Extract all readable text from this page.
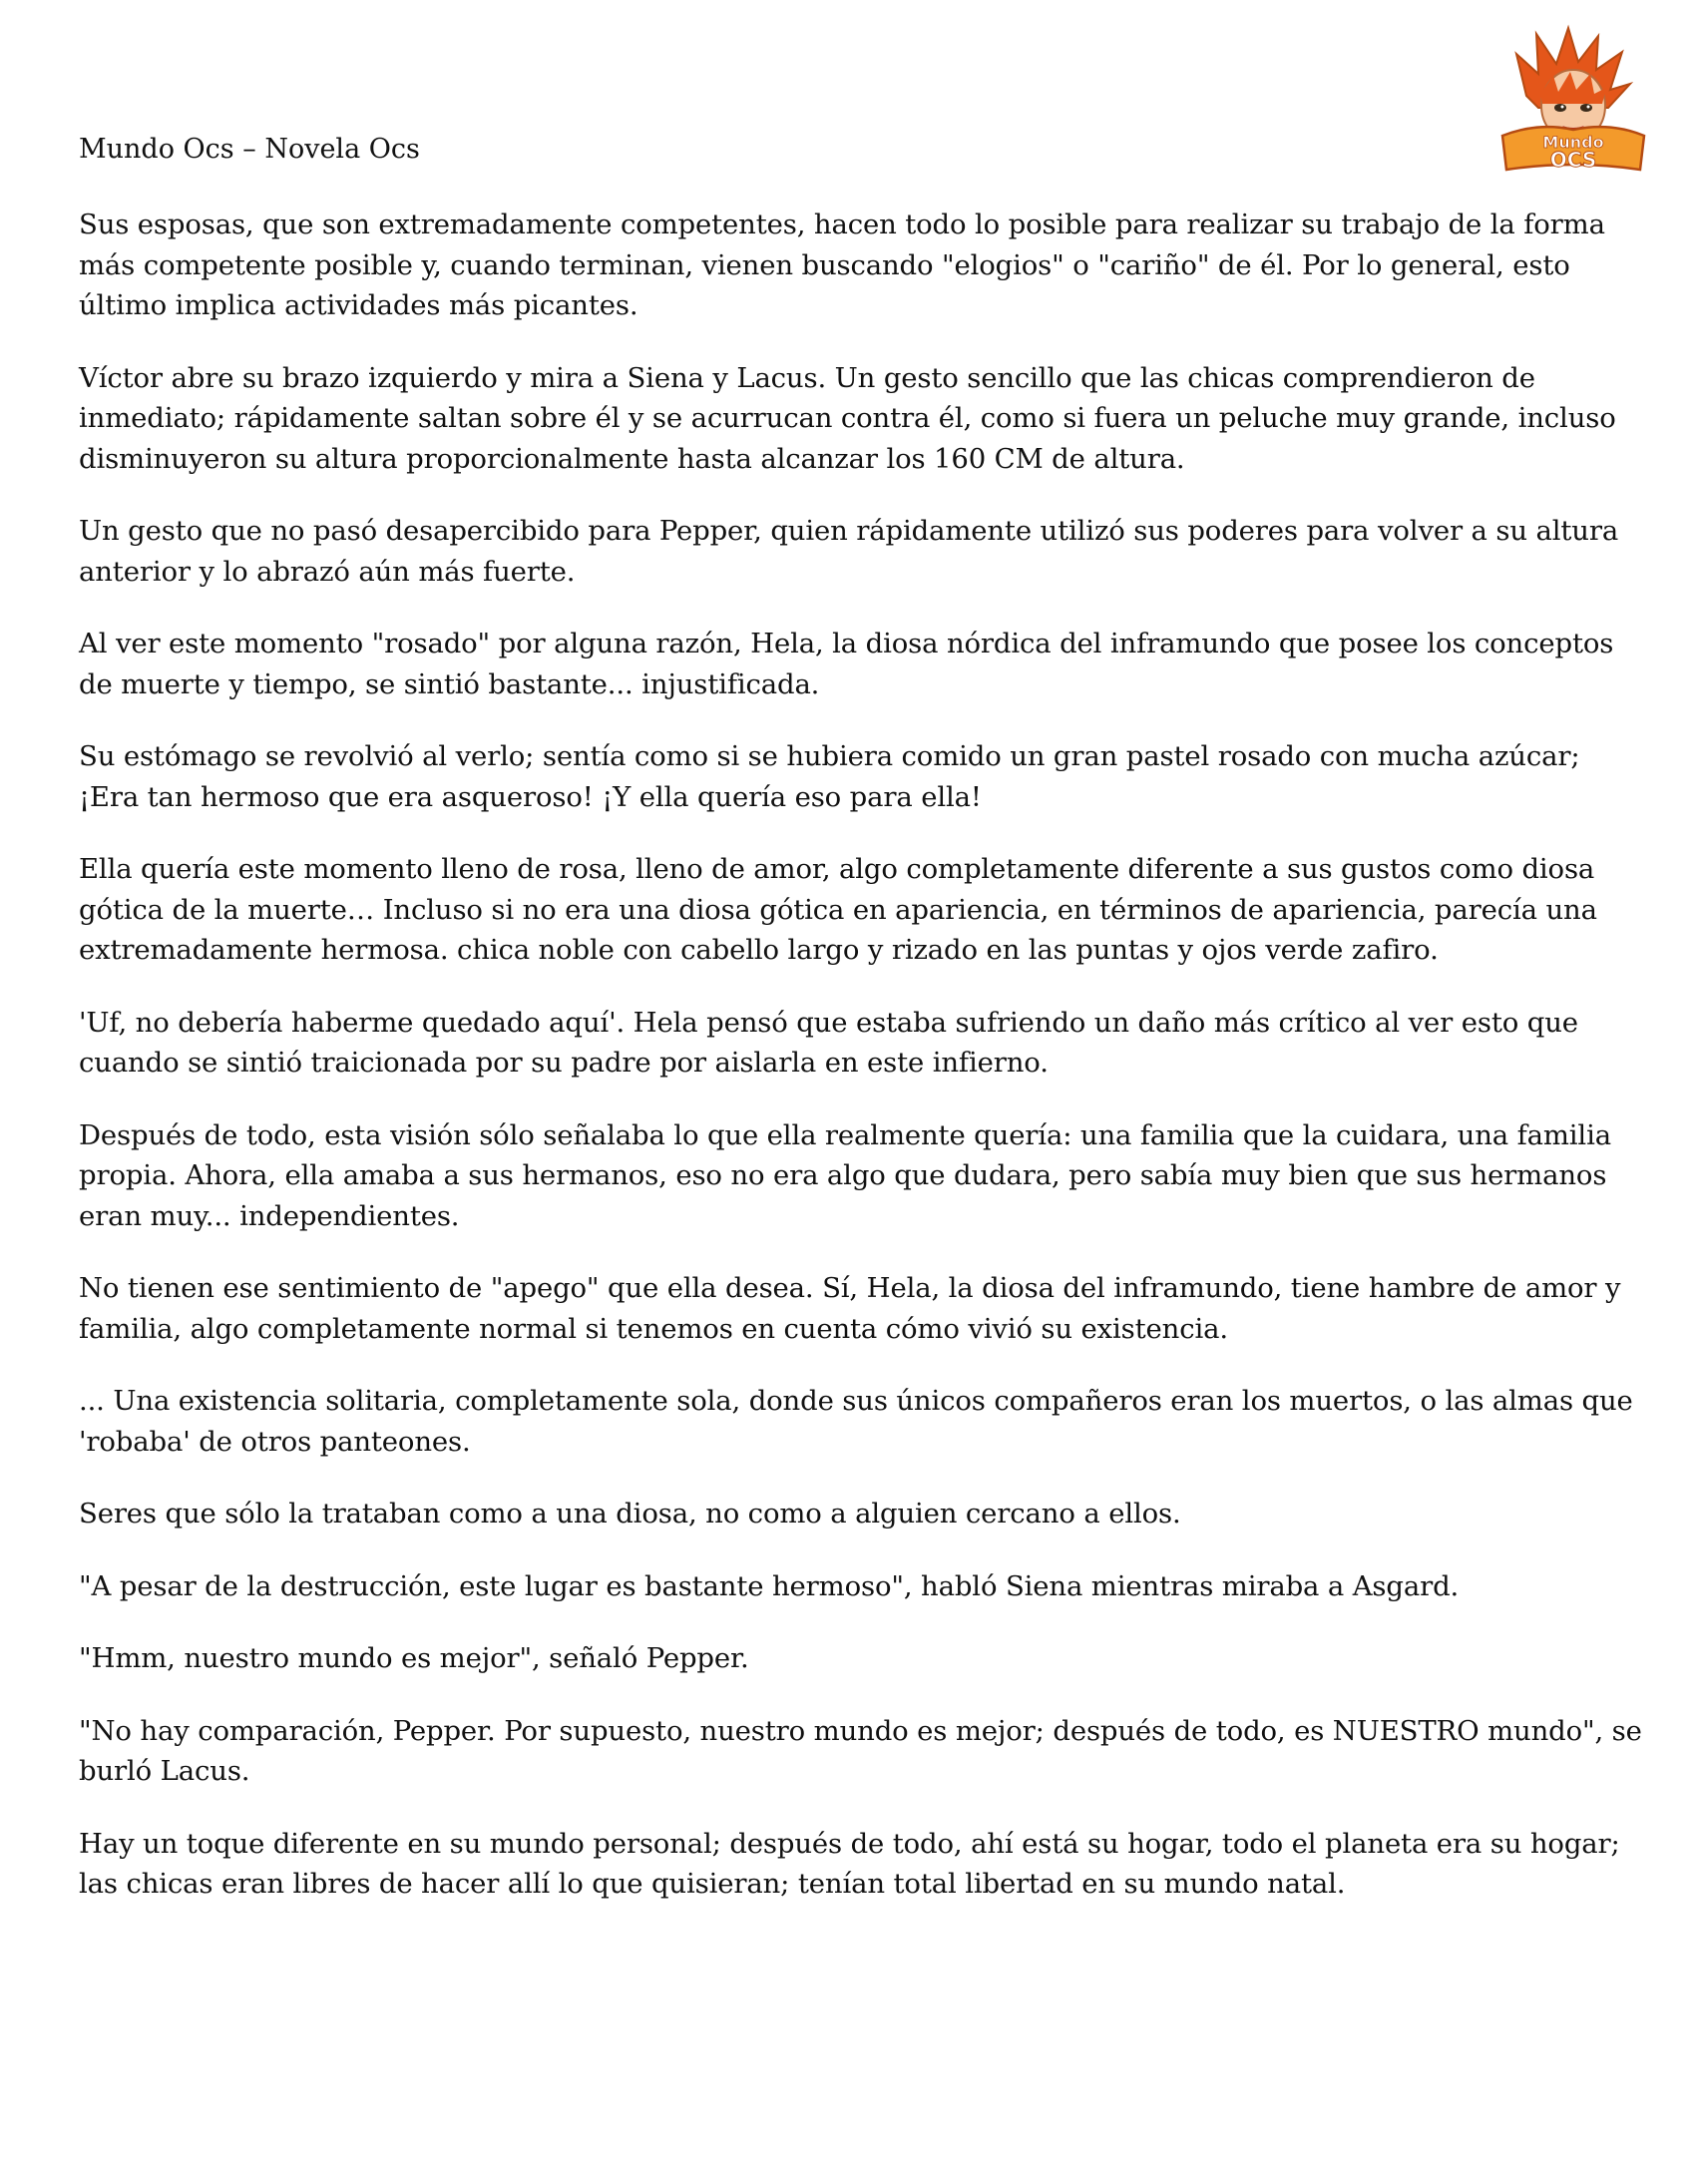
Mundo Ocs – Novela Ocs	Mundo
OCS

Sus esposas, que son extremadamente competentes, hacen todo lo posible para realizar su trabajo de la forma más competente posible y, cuando terminan, vienen buscando "elogios" o "cariño" de él. Por lo general, esto último implica actividades más picantes.

Víctor abre su brazo izquierdo y mira a Siena y Lacus. Un gesto sencillo que las chicas comprendieron de inmediato; rápidamente saltan sobre él y se acurrucan contra él, como si fuera un peluche muy grande, incluso disminuyeron su altura proporcionalmente hasta alcanzar los 160 CM de altura.

Un gesto que no pasó desapercibido para Pepper, quien rápidamente utilizó sus poderes para volver a su altura anterior y lo abrazó aún más fuerte.

Al ver este momento "rosado" por alguna razón, Hela, la diosa nórdica del inframundo que posee los conceptos de muerte y tiempo, se sintió bastante... injustificada.

Su estómago se revolvió al verlo; sentía como si se hubiera comido un gran pastel rosado con mucha azúcar; ¡Era tan hermoso que era asqueroso! ¡Y ella quería eso para ella!

Ella quería este momento lleno de rosa, lleno de amor, algo completamente diferente a sus gustos como diosa gótica de la muerte… Incluso si no era una diosa gótica en apariencia, en términos de apariencia, parecía una extremadamente hermosa. chica noble con cabello largo y rizado en las puntas y ojos verde zafiro.

'Uf, no debería haberme quedado aquí'. Hela pensó que estaba sufriendo un daño más crítico al ver esto que cuando se sintió traicionada por su padre por aislarla en este infierno.

Después de todo, esta visión sólo señalaba lo que ella realmente quería: una familia que la cuidara, una familia propia. Ahora, ella amaba a sus hermanos, eso no era algo que dudara, pero sabía muy bien que sus hermanos eran muy... independientes.

No tienen ese sentimiento de "apego" que ella desea. Sí, Hela, la diosa del inframundo, tiene hambre de amor y familia, algo completamente normal si tenemos en cuenta cómo vivió su existencia.

... Una existencia solitaria, completamente sola, donde sus únicos compañeros eran los muertos, o las almas que 'robaba' de otros panteones.

Seres que sólo la trataban como a una diosa, no como a alguien cercano a ellos.

"A pesar de la destrucción, este lugar es bastante hermoso", habló Siena mientras miraba a Asgard.

"Hmm, nuestro mundo es mejor", señaló Pepper.

"No hay comparación, Pepper. Por supuesto, nuestro mundo es mejor; después de todo, es NUESTRO mundo", se burló Lacus.

Hay un toque diferente en su mundo personal; después de todo, ahí está su hogar, todo el planeta era su hogar; las chicas eran libres de hacer allí lo que quisieran; tenían total libertad en su mundo natal.
